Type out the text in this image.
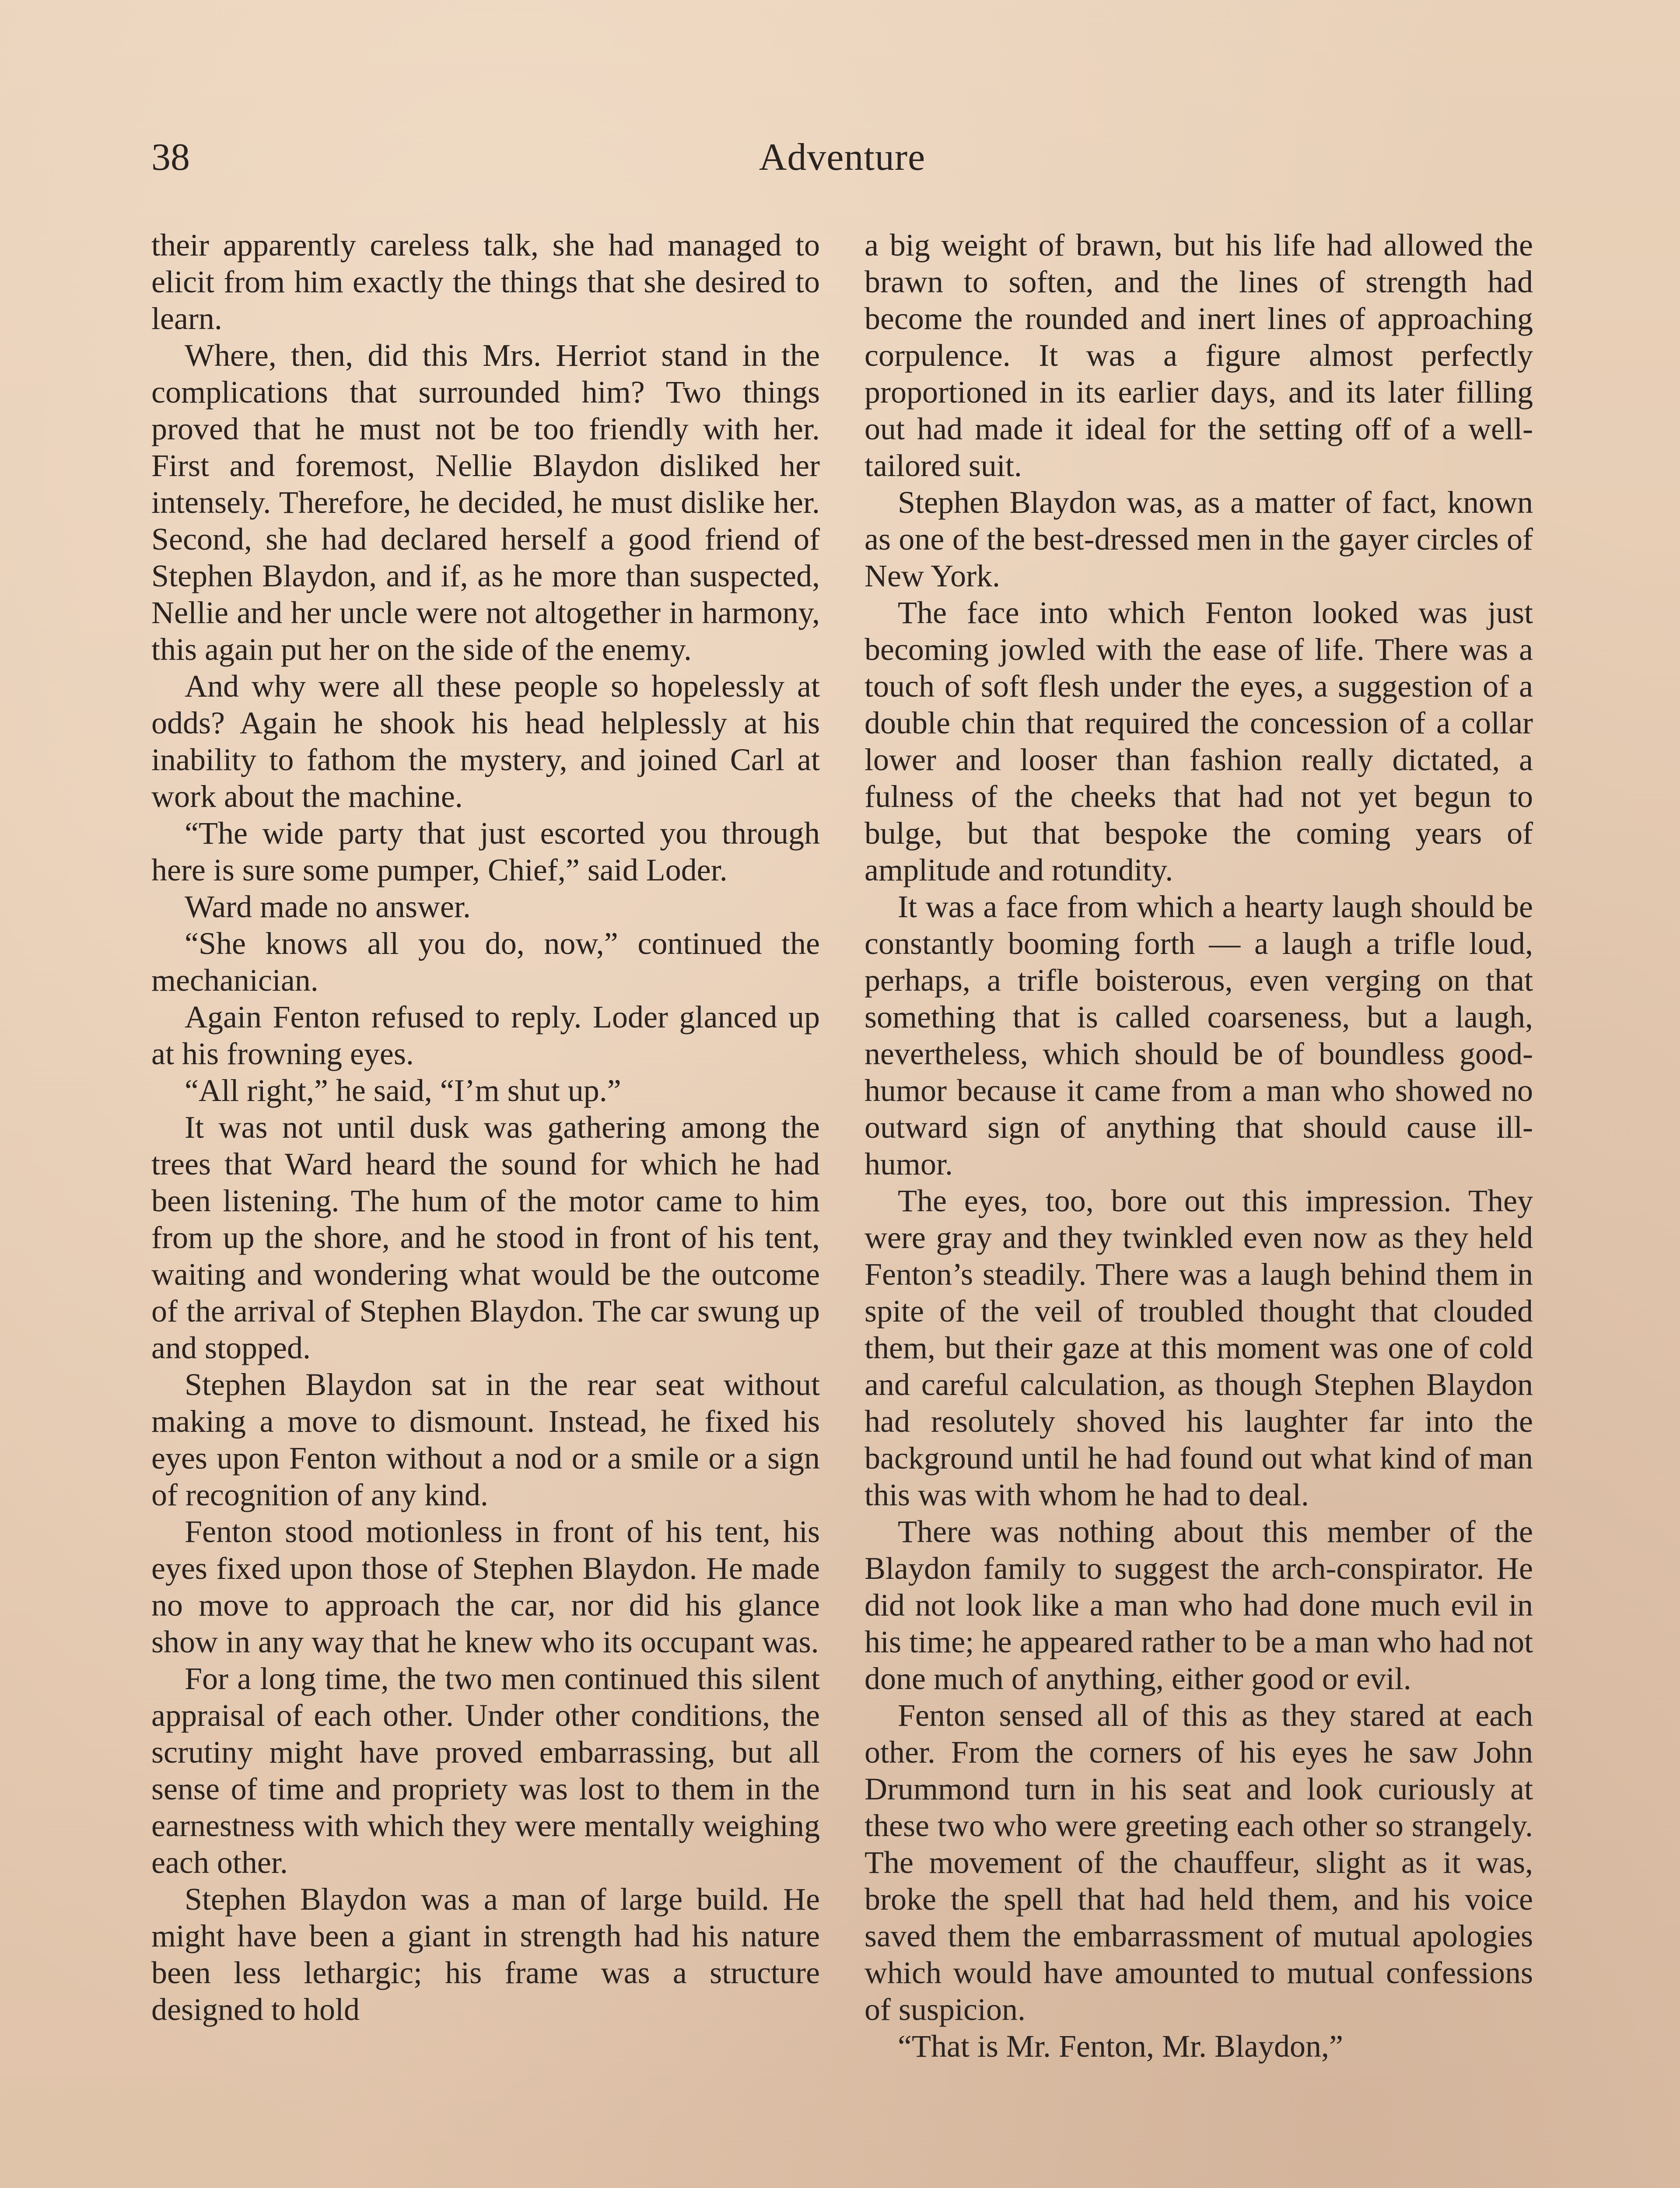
38	Adventure

their apparently careless talk, she had managed to elicit from him exactly the things that she desired to learn.

Where, then, did this Mrs. Herriot stand in the complications that surrounded him? Two things proved that he must not be too friendly with her. First and foremost, Nellie Blaydon disliked her intensely. Therefore, he decided, he must dislike her. Second, she had declared herself a good friend of Stephen Blaydon, and if, as he more than suspected, Nellie and her uncle were not altogether in harmony, this again put her on the side of the enemy.

And why were all these people so hopelessly at odds? Again he shook his head helplessly at his inability to fathom the mystery, and joined Carl at work about the machine.

“The wide party that just escorted you through here is sure some pumper, Chief,” said Loder.

Ward made no answer.

“She knows all you do, now,” continued the mechanician.

Again Fenton refused to reply. Loder glanced up at his frowning eyes.

“All right,” he said, “I’m shut up.”

It was not until dusk was gathering among the trees that Ward heard the sound for which he had been listening. The hum of the motor came to him from up the shore, and he stood in front of his tent, waiting and wondering what would be the outcome of the arrival of Stephen Blaydon. The car swung up and stopped.

Stephen Blaydon sat in the rear seat without making a move to dismount. Instead, he fixed his eyes upon Fenton without a nod or a smile or a sign of recognition of any kind.

Fenton stood motionless in front of his tent, his eyes fixed upon those of Stephen Blaydon. He made no move to approach the car, nor did his glance show in any way that he knew who its occupant was.

For a long time, the two men continued this silent appraisal of each other. Under other conditions, the scrutiny might have proved embarrassing, but all sense of time and propriety was lost to them in the earnestness with which they were mentally weighing each other.

Stephen Blaydon was a man of large build. He might have been a giant in strength had his nature been less lethargic; his frame was a structure designed to hold

a big weight of brawn, but his life had allowed the brawn to soften, and the lines of strength had become the rounded and inert lines of approaching corpulence. It was a figure almost perfectly proportioned in its earlier days, and its later filling out had made it ideal for the setting off of a well-tailored suit.

Stephen Blaydon was, as a matter of fact, known as one of the best-dressed men in the gayer circles of New York.

The face into which Fenton looked was just becoming jowled with the ease of life. There was a touch of soft flesh under the eyes, a suggestion of a double chin that required the concession of a collar lower and looser than fashion really dictated, a fulness of the cheeks that had not yet begun to bulge, but that bespoke the coming years of amplitude and rotundity.

It was a face from which a hearty laugh should be constantly booming forth — a laugh a trifle loud, perhaps, a trifle boisterous, even verging on that something that is called coarseness, but a laugh, nevertheless, which should be of boundless good-humor because it came from a man who showed no outward sign of anything that should cause ill-humor.

The eyes, too, bore out this impression. They were gray and they twinkled even now as they held Fenton’s steadily. There was a laugh behind them in spite of the veil of troubled thought that clouded them, but their gaze at this moment was one of cold and careful calculation, as though Stephen Blaydon had resolutely shoved his laughter far into the background until he had found out what kind of man this was with whom he had to deal.

There was nothing about this member of the Blaydon family to suggest the arch-conspirator. He did not look like a man who had done much evil in his time; he appeared rather to be a man who had not done much of anything, either good or evil.

Fenton sensed all of this as they stared at each other. From the corners of his eyes he saw John Drummond turn in his seat and look curiously at these two who were greeting each other so strangely. The movement of the chauffeur, slight as it was, broke the spell that had held them, and his voice saved them the embarrassment of mutual apologies which would have amounted to mutual confessions of suspicion.

“That is Mr. Fenton, Mr. Blaydon,”
